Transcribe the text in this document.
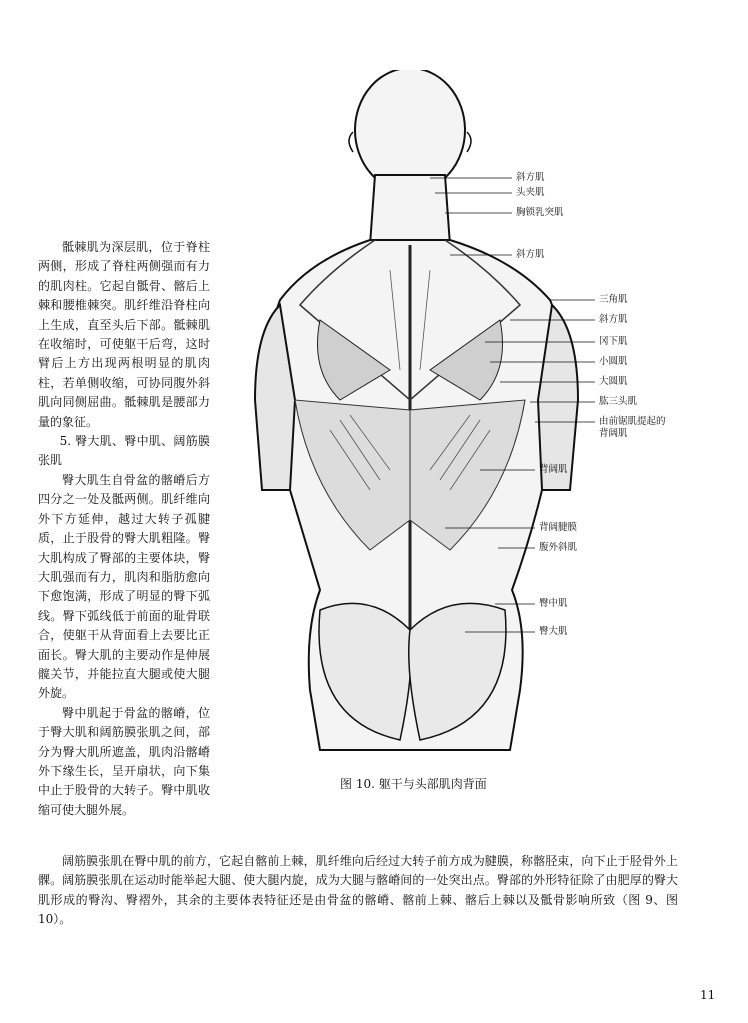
骶棘肌为深层肌，位于脊柱两侧，形成了脊柱两侧强而有力的肌肉柱。它起自骶骨、髂后上棘和腰椎棘突。肌纤维沿脊柱向上生成，直至头后下部。骶棘肌在收缩时，可使躯干后弯，这时臂后上方出现两根明显的肌肉柱，若单侧收缩，可协同腹外斜肌向同侧屈曲。骶棘肌是腰部力量的象征。

5. 臀大肌、臀中肌、阔筋膜张肌

臀大肌生自骨盆的髂嵴后方四分之一处及骶两侧。肌纤维向外下方延伸，越过大转子孤腱质，止于股骨的臀大肌粗隆。臀大肌构成了臀部的主要体块，臀大肌强而有力，肌肉和脂肪愈向下愈饱满，形成了明显的臀下弧线。臀下弧线低于前面的耻骨联合，使躯干从背面看上去要比正面长。臀大肌的主要动作是伸展髋关节，并能拉直大腿或使大腿外旋。

臀中肌起于骨盆的髂嵴，位于臀大肌和阔筋膜张肌之间，部分为臀大肌所遮盖，肌肉沿髂嵴外下缘生长，呈开扇状，向下集中止于股骨的大转子。臀中肌收缩可使大腿外展。

斜方肌
头夹肌
胸锁乳突肌
斜方肌
三角肌
斜方肌
冈下肌
小圆肌
大圆肌
肱三头肌
由前锯肌提起的背阔肌
背阔肌
背阔腱膜
腹外斜肌
臀中肌
臀大肌
图 10. 躯干与头部肌肉背面

阔筋膜张肌在臀中肌的前方，它起自髂前上棘，肌纤维向后经过大转子前方成为腱膜，称髂胫束，向下止于胫骨外上髁。阔筋膜张肌在运动时能举起大腿、使大腿内旋，成为大腿与髂嵴间的一处突出点。臀部的外形特征除了由肥厚的臀大肌形成的臀沟、臀褶外，其余的主要体表特征还是由骨盆的髂嵴、髂前上棘、髂后上棘以及骶骨影响所致（图 9、图 10）。

11
